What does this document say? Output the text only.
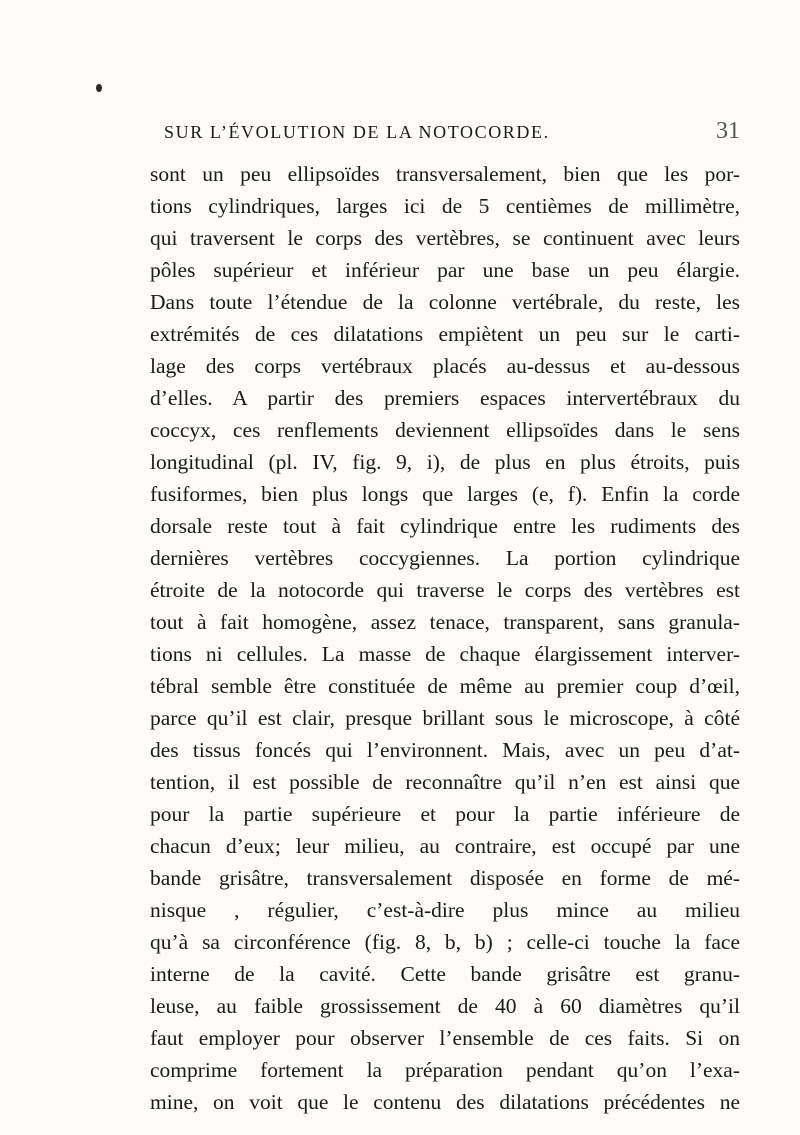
SUR L’ÉVOLUTION DE LA NOTOCORDE.	31
sont un peu ellipsoïdes transversalement, bien que les por-
tions cylindriques, larges ici de 5 centièmes de millimètre,
qui traversent le corps des vertèbres, se continuent avec leurs
pôles supérieur et inférieur par une base un peu élargie.
Dans toute l’étendue de la colonne vertébrale, du reste, les
extrémités de ces dilatations empiètent un peu sur le carti-
lage des corps vertébraux placés au-dessus et au-dessous
d’elles. A partir des premiers espaces intervertébraux du
coccyx, ces renflements deviennent ellipsoïdes dans le sens
longitudinal (pl. IV, fig. 9, i), de plus en plus étroits, puis
fusiformes, bien plus longs que larges (e, f). Enfin la corde
dorsale reste tout à fait cylindrique entre les rudiments des
dernières vertèbres coccygiennes. La portion cylindrique
étroite de la notocorde qui traverse le corps des vertèbres est
tout à fait homogène, assez tenace, transparent, sans granula-
tions ni cellules. La masse de chaque élargissement interver-
tébral semble être constituée de même au premier coup d’œil,
parce qu’il est clair, presque brillant sous le microscope, à côté
des tissus foncés qui l’environnent. Mais, avec un peu d’at-
tention, il est possible de reconnaître qu’il n’en est ainsi que
pour la partie supérieure et pour la partie inférieure de
chacun d’eux; leur milieu, au contraire, est occupé par une
bande grisâtre, transversalement disposée en forme de mé-
nisque , régulier, c’est-à-dire plus mince au milieu
qu’à sa circonférence (fig. 8, b, b) ; celle-ci touche la face
interne de la cavité. Cette bande grisâtre est granu-
leuse, au faible grossissement de 40 à 60 diamètres qu’il
faut employer pour observer l’ensemble de ces faits. Si on
comprime fortement la préparation pendant qu’on l’exa-
mine, on voit que le contenu des dilatations précédentes ne
